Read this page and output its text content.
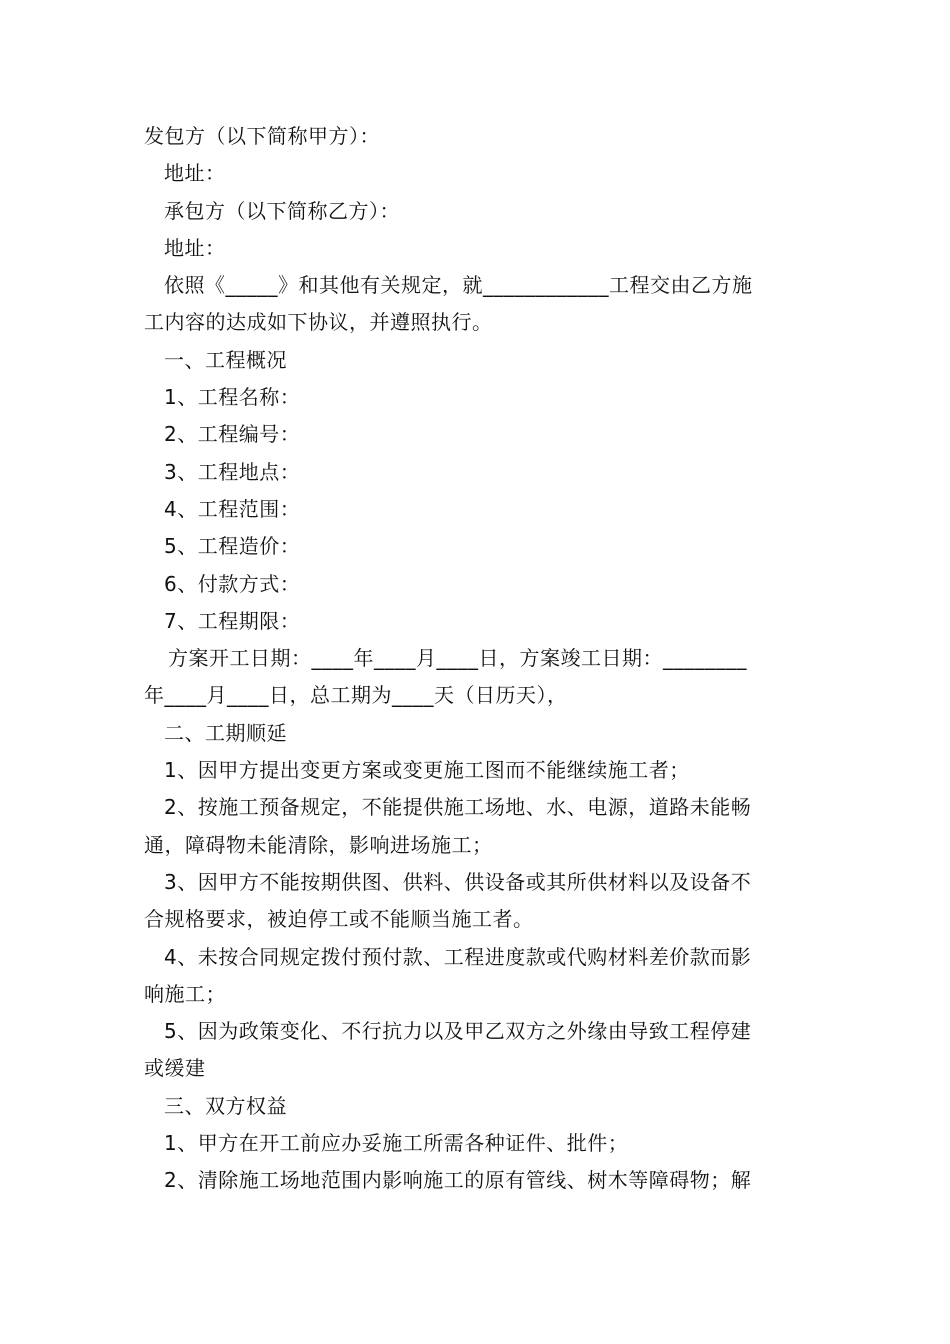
发包方（以下简称甲方）：
地址：
承包方（以下简称乙方）：
地址：
依照《_____》和其他有关规定，就____________工程交由乙方施
工内容的达成如下协议，并遵照执行。
一、工程概况
1、工程名称：
2、工程编号：
3、工程地点：
4、工程范围：
5、工程造价：
6、付款方式：
7、工程期限：
方案开工日期：____年____月____日，方案竣工日期：________
年____月____日，总工期为____天（日历天），
二、工期顺延
1、因甲方提出变更方案或变更施工图而不能继续施工者；
2、按施工预备规定，不能提供施工场地、水、电源，道路未能畅
通，障碍物未能清除，影响进场施工；
3、因甲方不能按期供图、供料、供设备或其所供材料以及设备不
合规格要求，被迫停工或不能顺当施工者。
4、未按合同规定拨付预付款、工程进度款或代购材料差价款而影
响施工；
5、因为政策变化、不行抗力以及甲乙双方之外缘由导致工程停建
或缓建
三、双方权益
1、甲方在开工前应办妥施工所需各种证件、批件；
2、清除施工场地范围内影响施工的原有管线、树木等障碍物；解
